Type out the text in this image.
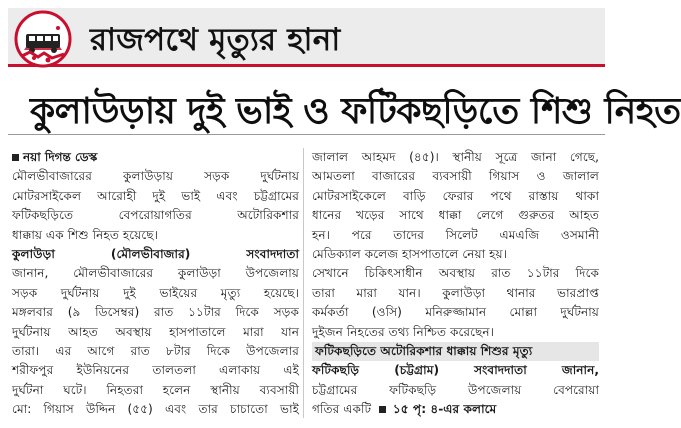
রাজপথে মৃত্যুর হানা
কুলাউড়ায় দুই ভাই ও ফটিকছড়িতে শিশু নিহত
নয়া দিগন্ত ডেস্ক
মৌলভীবাজারের কুলাউড়ায় সড়ক দুর্ঘটনায়
মোটরসাইকেল আরোহী দুই ভাই এবং চট্টগ্রামের
ফটিকছড়িতে বেপরোয়াগতির অটোরিকশার
ধাক্কায় এক শিশু নিহত হয়েছে।
কুলাউড়া (মৌলভীবাজার) সংবাদদাতা
জানান, মৌলভীবাজারের কুলাউড়া উপজেলায়
সড়ক দুর্ঘটনায় দুই ভাইয়ের মৃত্যু হয়েছে।
মঙ্গলবার (৯ ডিসেম্বর) রাত ১১টার দিকে সড়ক
দুর্ঘটনায় আহত অবস্থায় হাসপাতালে মারা যান
তারা। এর আগে রাত ৮টার দিকে উপজেলার
শরীফপুর ইউনিয়নের তালতলা এলাকায় এই
দুর্ঘটনা ঘটে। নিহতরা হলেন স্থানীয় ব্যবসায়ী
মো: গিয়াস উদ্দিন (৫৫) এবং তার চাচাতো ভাই
জালাল আহমদ (৪৫)। স্থানীয় সূত্রে জানা গেছে,
আমতলা বাজারের ব্যবসায়ী গিয়াস ও জালাল
মোটরসাইকেলে বাড়ি ফেরার পথে রাস্তায় থাকা
ধানের খড়ের সাথে ধাক্কা লেগে গুরুতর আহত
হন। পরে তাদের সিলেট এমএজি ওসমানী
মেডিক্যাল কলেজ হাসপাতালে নেয়া হয়।
সেখানে চিকিৎসাধীন অবস্থায় রাত ১১টার দিকে
তারা মারা যান। কুলাউড়া থানার ভারপ্রাপ্ত
কর্মকর্তা (ওসি) মনিরুজ্জামান মোল্লা দুর্ঘটনায়
দুইজন নিহতের তথ্য নিশ্চিত করেছেন।
ফটিকছড়িতে অটোরিকশার ধাক্কায় শিশুর মৃত্যু
ফটিকছড়ি (চট্টগ্রাম) সংবাদদাতা জানান,
চট্টগ্রামের ফটিকছড়ি উপজেলায় বেপরোয়া
গতির একটি ১৫ পৃ: ৪-এর কলামে
